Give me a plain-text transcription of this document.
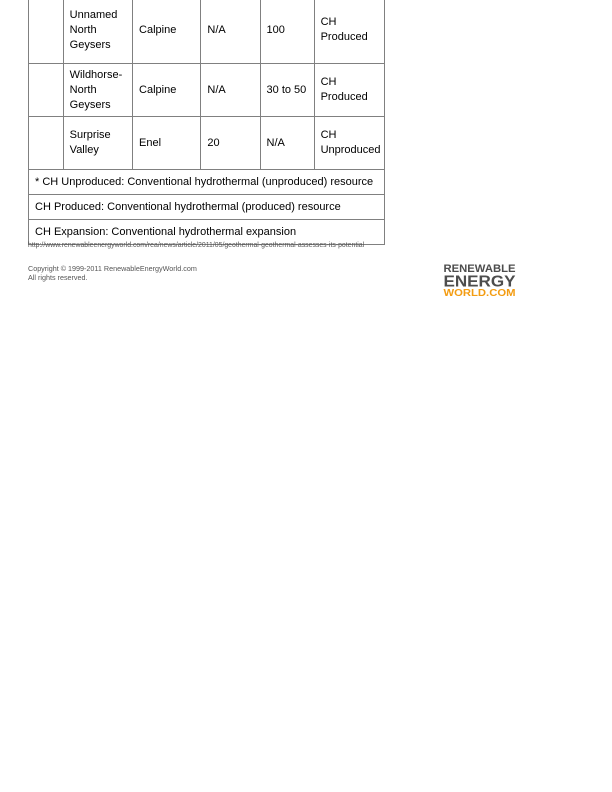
	Unnamed North Geysers	Calpine	N/A	100	CH Produced
	Wildhorse-North Geysers	Calpine	N/A	30 to 50	CH Produced
	Surprise Valley	Enel	20	N/A	CH Unproduced
* CH Unproduced: Conventional hydrothermal (unproduced) resource					
CH Produced: Conventional hydrothermal (produced) resource					
CH Expansion: Conventional hydrothermal expansion					
http://www.renewableenergyworld.com/rea/news/article/2011/05/geothermal-geothermal-assesses-its-potential
Copyright © 1999-2011 RenewableEnergyWorld.com
All rights reserved.
RENEWABLE
ENERGY
WORLD.COM
